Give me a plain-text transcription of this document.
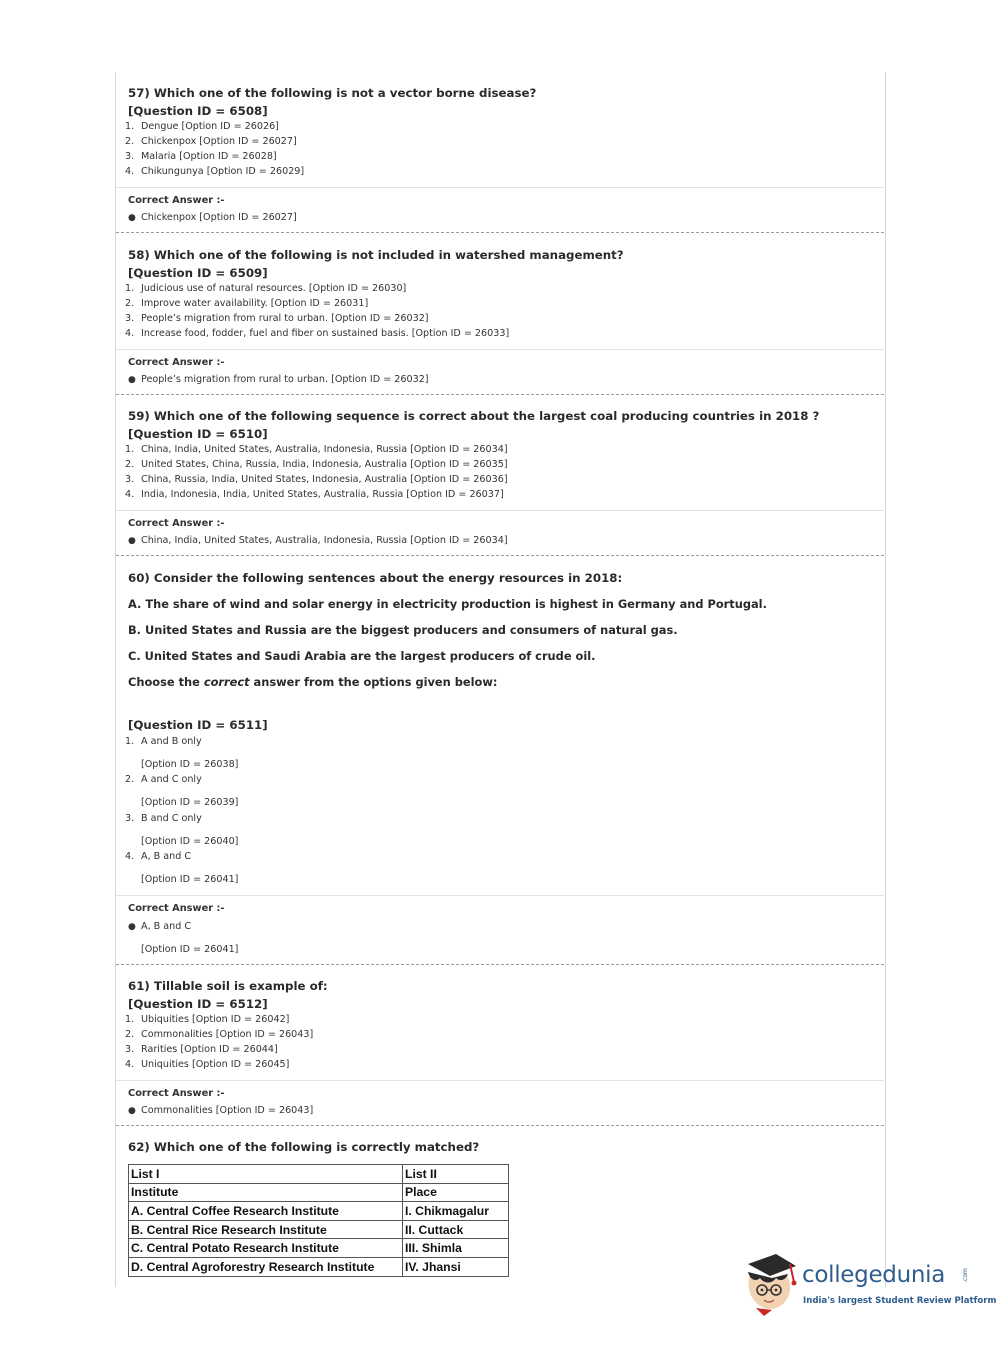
57) Which one of the following is not a vector borne disease?
[Question ID = 6508]
1. Dengue [Option ID = 26026]
2. Chickenpox [Option ID = 26027]
3. Malaria [Option ID = 26028]
4. Chikungunya [Option ID = 26029]
Correct Answer :-
● Chickenpox [Option ID = 26027]
58) Which one of the following is not included in watershed management?
[Question ID = 6509]
1. Judicious use of natural resources. [Option ID = 26030]
2. Improve water availability. [Option ID = 26031]
3. People’s migration from rural to urban. [Option ID = 26032]
4. Increase food, fodder, fuel and fiber on sustained basis. [Option ID = 26033]
Correct Answer :-
● People’s migration from rural to urban. [Option ID = 26032]
59) Which one of the following sequence is correct about the largest coal producing countries in 2018 ?
[Question ID = 6510]
1. China, India, United States, Australia, Indonesia, Russia [Option ID = 26034]
2. United States, China, Russia, India, Indonesia, Australia [Option ID = 26035]
3. China, Russia, India, United States, Indonesia, Australia [Option ID = 26036]
4. India, Indonesia, India, United States, Australia, Russia [Option ID = 26037]
Correct Answer :-
● China, India, United States, Australia, Indonesia, Russia [Option ID = 26034]
60) Consider the following sentences about the energy resources in 2018:
A. The share of wind and solar energy in electricity production is highest in Germany and Portugal.
B. United States and Russia are the biggest producers and consumers of natural gas.
C. United States and Saudi Arabia are the largest producers of crude oil.
Choose the correct answer from the options given below:
[Question ID = 6511]
1. A and B only
[Option ID = 26038]
2. A and C only
[Option ID = 26039]
3. B and C only
[Option ID = 26040]
4. A, B and C
[Option ID = 26041]
Correct Answer :-
● A, B and C
[Option ID = 26041]
61) Tillable soil is example of:
[Question ID = 6512]
1. Ubiquities [Option ID = 26042]
2. Commonalities [Option ID = 26043]
3. Rarities [Option ID = 26044]
4. Uniquities [Option ID = 26045]
Correct Answer :-
● Commonalities [Option ID = 26043]
62) Which one of the following is correctly matched?
List I	List II
Institute	Place
A. Central Coffee Research Institute	I. Chikmagalur
B. Central Rice Research Institute	II. Cuttack
C. Central Potato Research Institute	III. Shimla
D. Central Agroforestry Research Institute	IV. Jhansi	collegedunia	.com
India's largest Student Review Platform
